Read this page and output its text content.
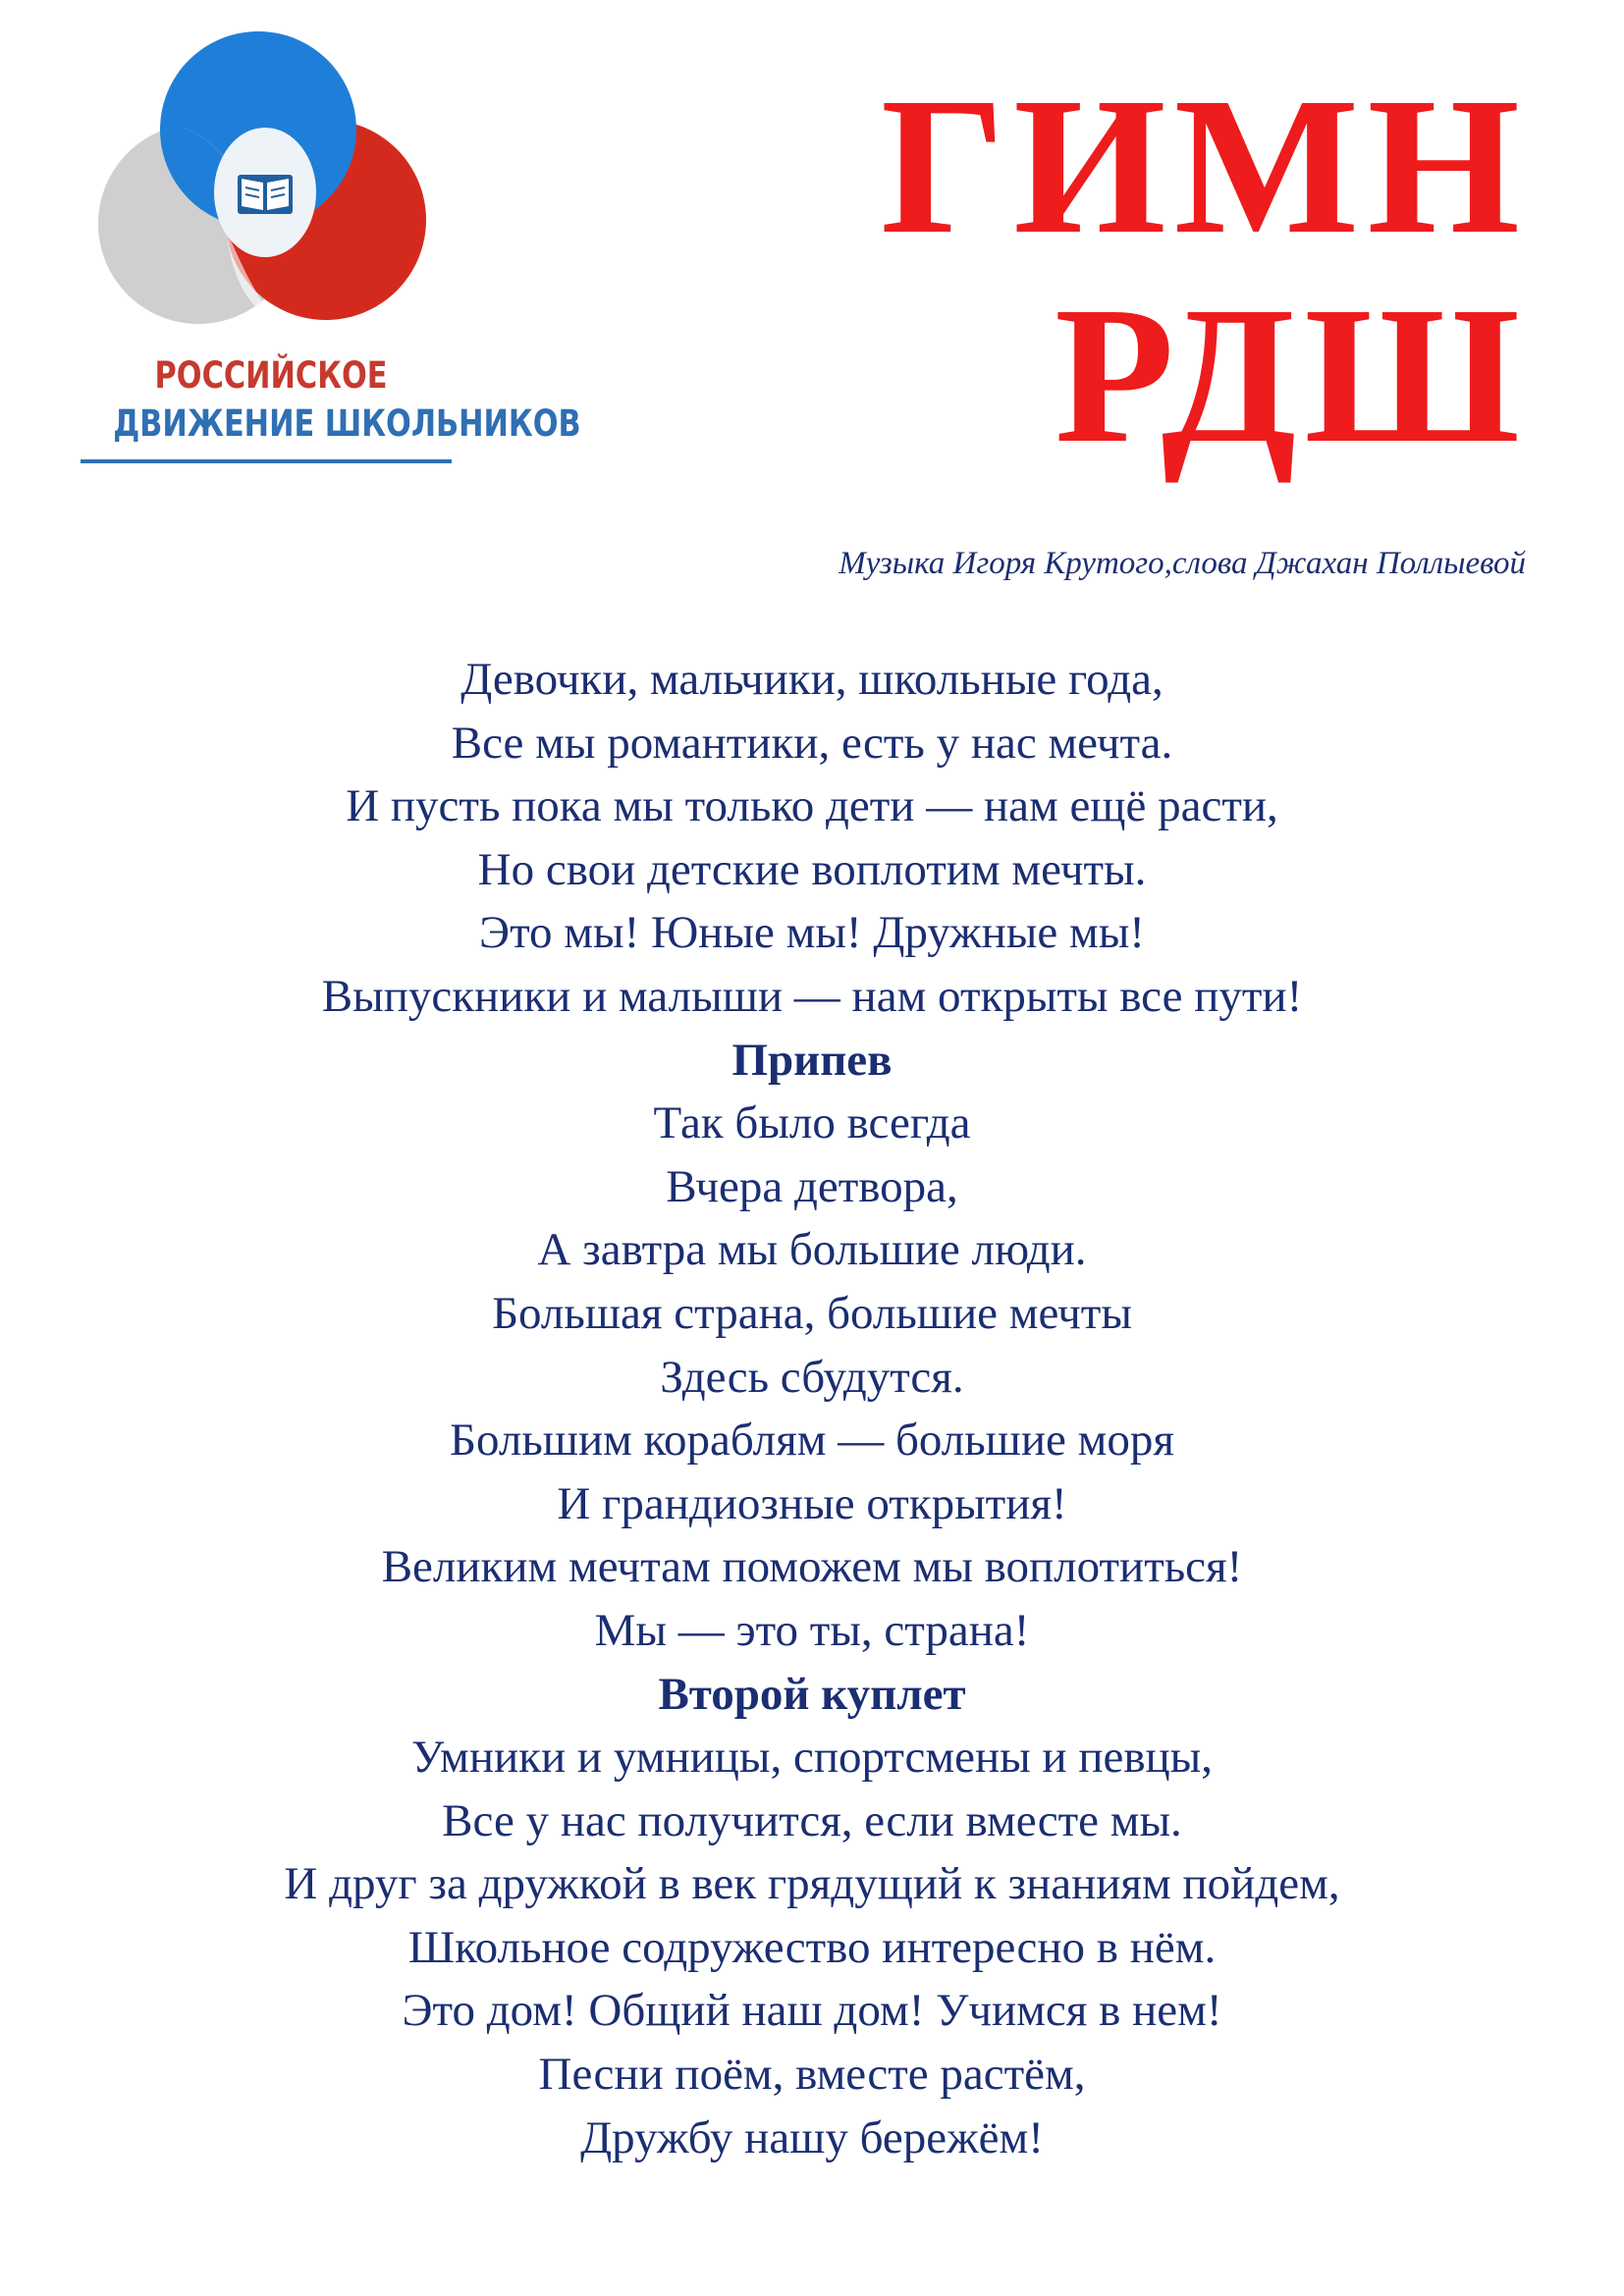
РОССИЙСКОЕ
ДВИЖЕНИЕ ШКОЛЬНИКОВ
ГИМН
РДШ
Музыка Игоря Крутого,слова Джахан Поллыевой
Девочки, мальчики, школьные года,
Все мы романтики, есть у нас мечта.
И пусть пока мы только дети — нам ещё расти,
Но свои детские воплотим мечты.
Это мы! Юные мы! Дружные мы!
Выпускники и малыши — нам открыты все пути!
Припев
Так было всегда
Вчера детвора,
А завтра мы большие люди.
Большая страна, большие мечты
Здесь сбудутся.
Большим кораблям — большие моря
И грандиозные открытия!
Великим мечтам поможем мы воплотиться!
Мы — это ты, страна!
Второй куплет
Умники и умницы, спортсмены и певцы,
Все у нас получится, если вместе мы.
И друг за дружкой в век грядущий к знаниям пойдем,
Школьное содружество интересно в нём.
Это дом! Общий наш дом! Учимся в нем!
Песни поём, вместе растём,
Дружбу нашу бережём!
